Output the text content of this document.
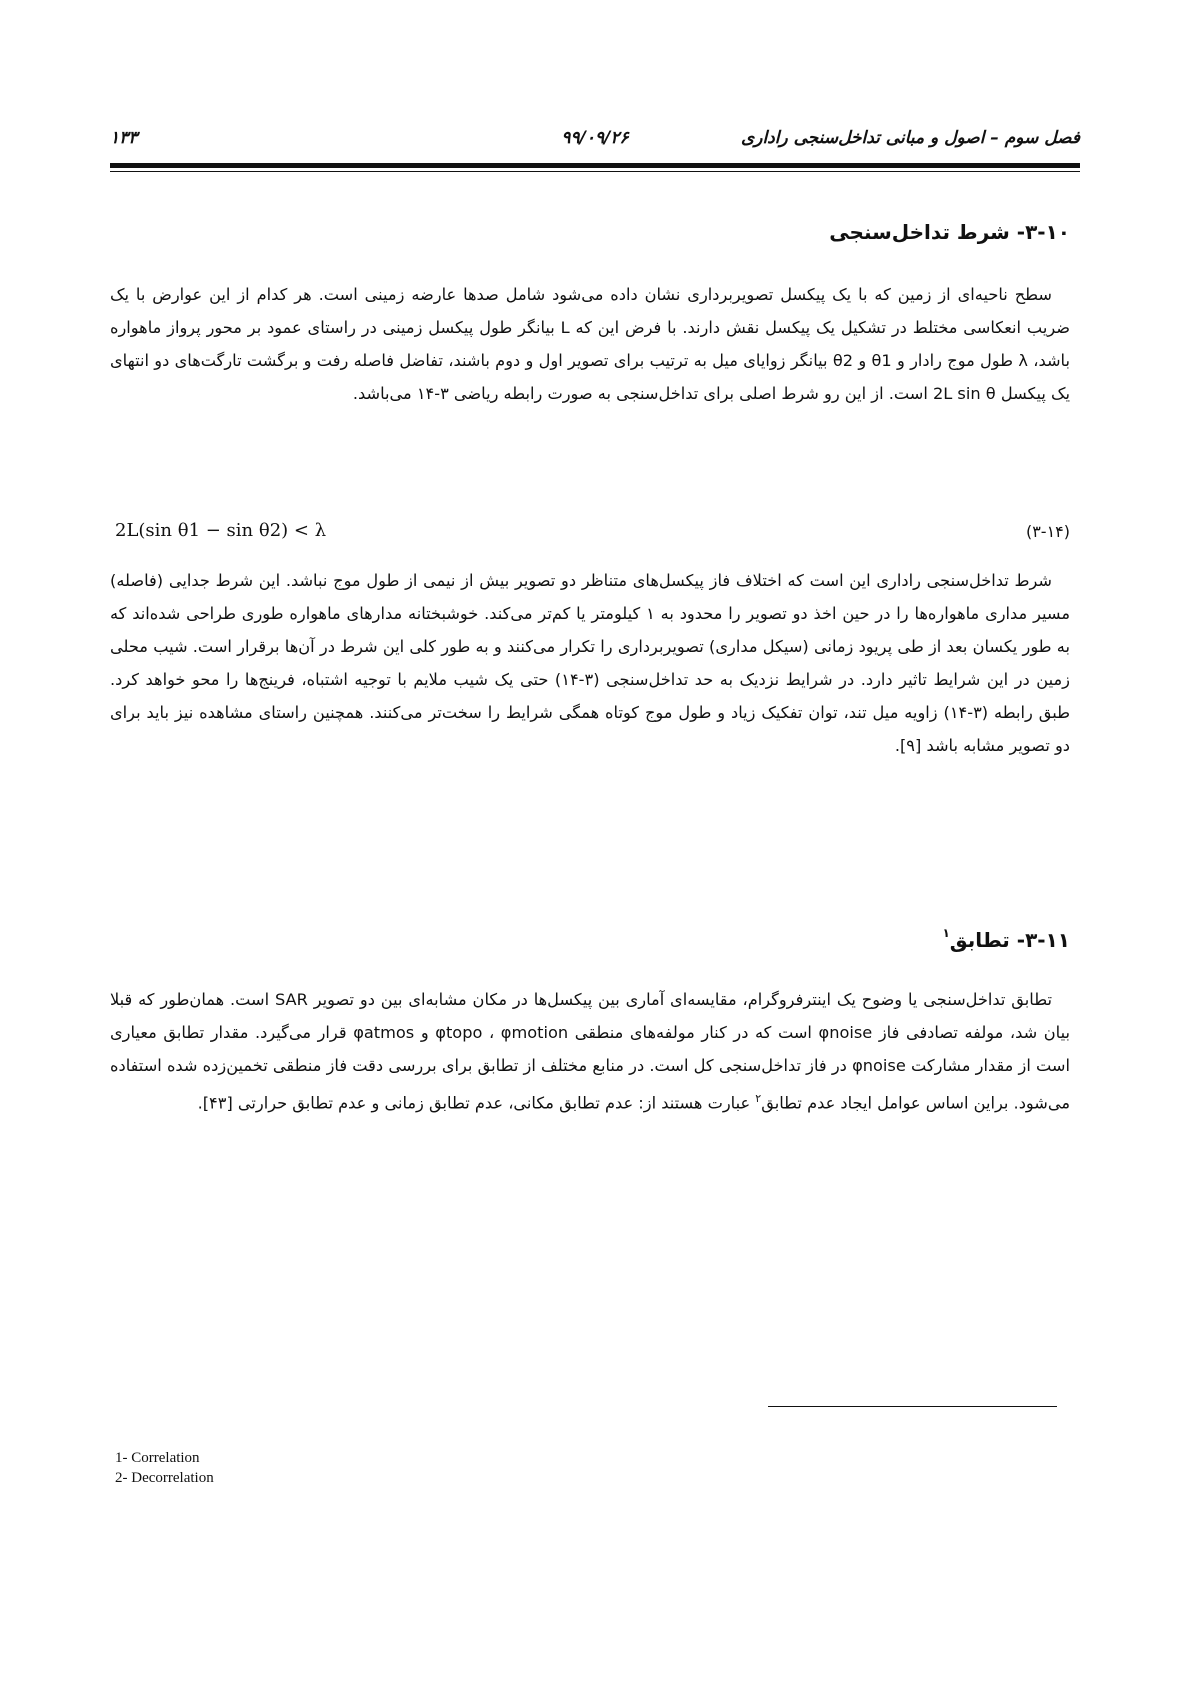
۱۳۳	۹۹/۰۹/۲۶	فصل سوم – اصول و مبانی تداخل‌سنجی راداری
۳-۱۰- شرط تداخل‌سنجی
سطح ناحیه‌ای از زمین که با یک پیکسل تصویربرداری نشان داده می‌شود شامل صدها عارضه زمینی است. هر کدام از این عوارض با یک ضریب انعکاسی مختلط در تشکیل یک پیکسل نقش دارند. با فرض این که L بیانگر طول پیکسل زمینی در راستای عمود بر محور پرواز ماهواره باشد، λ طول موج رادار و θ1 و θ2 بیانگر زوایای میل به ترتیب برای تصویر اول و دوم باشند، تفاضل فاصله رفت و برگشت تارگت‌های دو انتهای یک پیکسل 2L sin θ است. از این رو شرط اصلی برای تداخل‌سنجی به صورت رابطه ریاضی ۳-۱۴ می‌باشد.
2L(sin θ1 − sin θ2) < λ	(۳-۱۴)
شرط تداخل‌سنجی راداری این است که اختلاف فاز پیکسل‌های متناظر دو تصویر بیش از نیمی از طول موج نباشد. این شرط جدایی (فاصله) مسیر مداری ماهواره‌ها را در حین اخذ دو تصویر را محدود به ۱ کیلومتر یا کم‌تر می‌کند. خوشبختانه مدارهای ماهواره طوری طراحی شده‌اند که به طور یکسان بعد از طی پریود زمانی (سیکل مداری) تصویربرداری را تکرار می‌کنند و به طور کلی این شرط در آن‌ها برقرار است. شیب محلی زمین در این شرایط تاثیر دارد. در شرایط نزدیک به حد تداخل‌سنجی (۳-۱۴) حتی یک شیب ملایم با توجیه اشتباه، فرینج‌ها را محو خواهد کرد. طبق رابطه (۳-۱۴) زاویه میل تند، توان تفکیک زیاد و طول موج کوتاه همگی شرایط را سخت‌تر می‌کنند. همچنین راستای مشاهده نیز باید برای دو تصویر مشابه باشد [۹].
۳-۱۱- تطابق$^۱$
تطابق تداخل‌سنجی یا وضوح یک اینترفروگرام، مقایسه‌ای آماری بین پیکسل‌ها در مکان مشابه‌ای بین دو تصویر SAR است. همان‌طور که قبلا بیان شد، مولفه تصادفی فاز φnoise است که در کنار مولفه‌های منطقی φtopo ، φmotion و φatmos قرار می‌گیرد. مقدار تطابق معیاری است از مقدار مشارکت φnoise در فاز تداخل‌سنجی کل است. در منابع مختلف از تطابق برای بررسی دقت فاز منطقی تخمین‌زده شده استفاده می‌شود. براین اساس عوامل ایجاد عدم تطابق$^۲$ عبارت هستند از: عدم تطابق مکانی، عدم تطابق زمانی و عدم تطابق حرارتی [۴۳].
1- Correlation
2- Decorrelation
